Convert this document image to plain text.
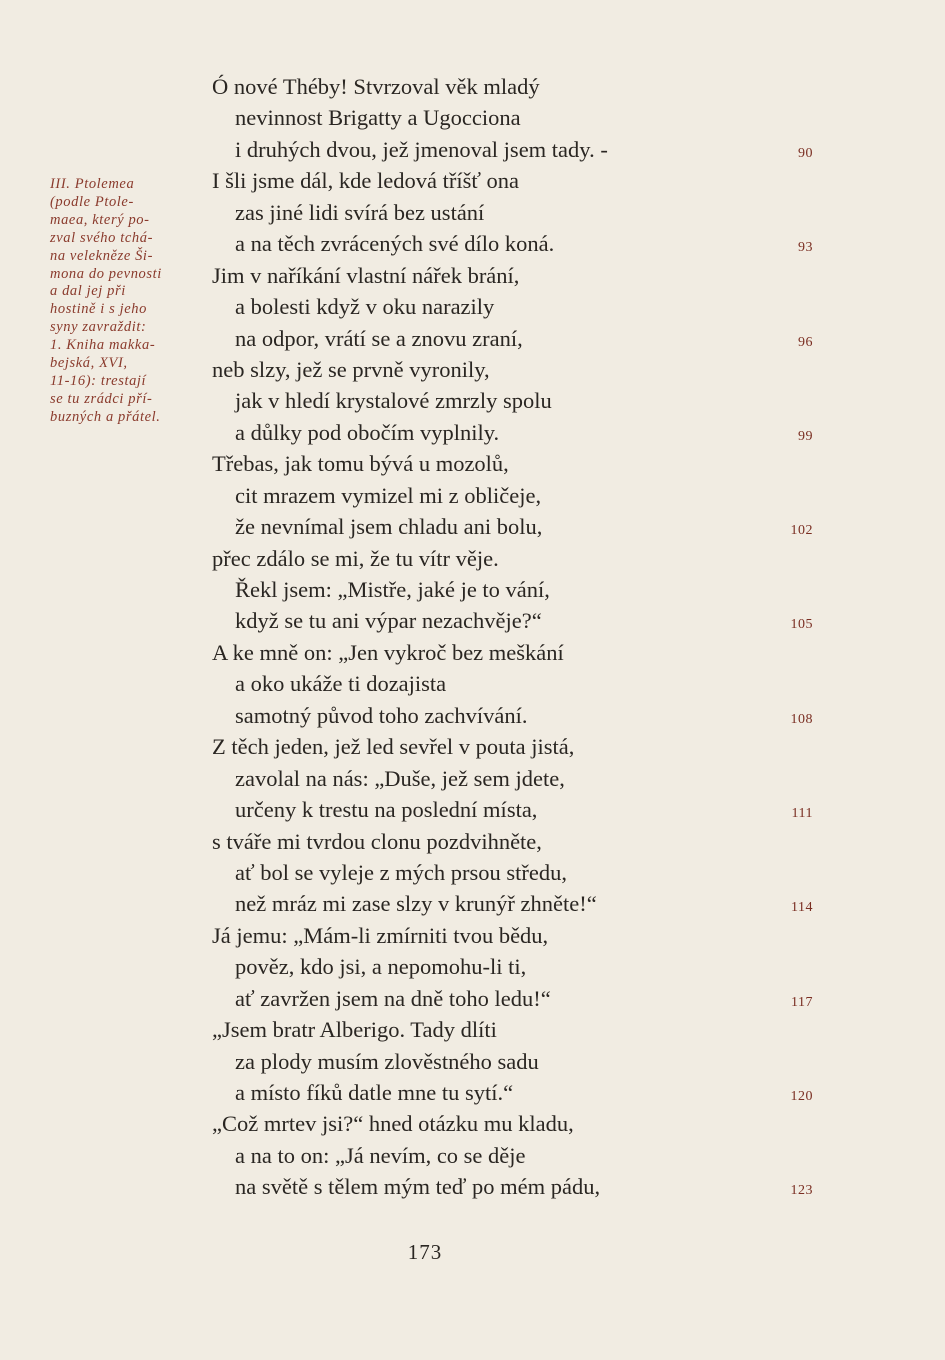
III. Ptolemea
(podle Ptole-
maea, který po-
zval svého tchá-
na velekněze Ši-
mona do pevnosti
a dal jej při
hostině i s jeho
syny zavraždit:
1. Kniha makka-
bejská, XVI,
11-16): trestají
se tu zrádci pří-
buzných a přátel.
Ó nové Théby! Stvrzoval věk mladý
nevinnost Brigatty a Ugocciona
i druhých dvou, jež jmenoval jsem tady. -	90
I šli jsme dál, kde ledová tříšť ona
zas jiné lidi svírá bez ustání
a na těch zvrácených své dílo koná.	93
Jim v naříkání vlastní nářek brání,
a bolesti když v oku narazily
na odpor, vrátí se a znovu zraní,	96
neb slzy, jež se prvně vyronily,
jak v hledí krystalové zmrzly spolu
a důlky pod obočím vyplnily.	99
Třebas, jak tomu bývá u mozolů,
cit mrazem vymizel mi z obličeje,
že nevnímal jsem chladu ani bolu,	102
přec zdálo se mi, že tu vítr věje.
Řekl jsem: „Mistře, jaké je to vání,
když se tu ani výpar nezachvěje?“	105
A ke mně on: „Jen vykroč bez meškání
a oko ukáže ti dozajista
samotný původ toho zachvívání.	108
Z těch jeden, jež led sevřel v pouta jistá,
zavolal na nás: „Duše, jež sem jdete,
určeny k trestu na poslední místa,	111
s tváře mi tvrdou clonu pozdvihněte,
ať bol se vyleje z mých prsou středu,
než mráz mi zase slzy v krunýř zhněte!“	114
Já jemu: „Mám-li zmírniti tvou bědu,
pověz, kdo jsi, a nepomohu-li ti,
ať zavržen jsem na dně toho ledu!“	117
„Jsem bratr Alberigo. Tady dlíti
za plody musím zlověstného sadu
a místo fíků datle mne tu sytí.“	120
„Což mrtev jsi?“ hned otázku mu kladu,
a na to on: „Já nevím, co se děje
na světě s tělem mým teď po mém pádu,	123
173
